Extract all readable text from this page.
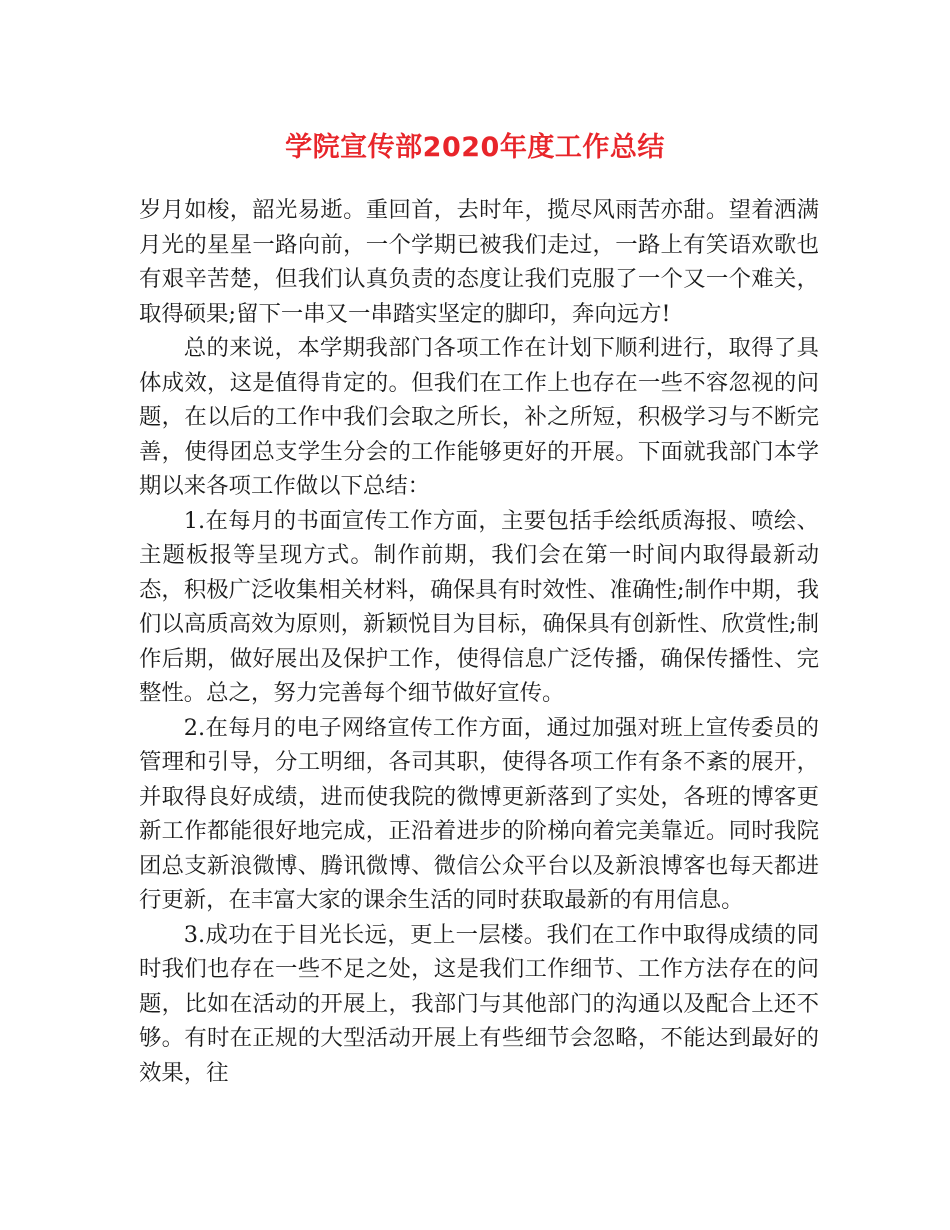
学院宣传部2020年度工作总结

岁月如梭，韶光易逝。重回首，去时年，揽尽风雨苦亦甜。望着洒满月光的星星一路向前，一个学期已被我们走过，一路上有笑语欢歌也有艰辛苦楚，但我们认真负责的态度让我们克服了一个又一个难关，取得硕果;留下一串又一串踏实坚定的脚印，奔向远方!

总的来说，本学期我部门各项工作在计划下顺利进行，取得了具体成效，这是值得肯定的。但我们在工作上也存在一些不容忽视的问题，在以后的工作中我们会取之所长，补之所短，积极学习与不断完善，使得团总支学生分会的工作能够更好的开展。下面就我部门本学期以来各项工作做以下总结：

1.在每月的书面宣传工作方面，主要包括手绘纸质海报、喷绘、主题板报等呈现方式。制作前期，我们会在第一时间内取得最新动态，积极广泛收集相关材料，确保具有时效性、准确性;制作中期，我们以高质高效为原则，新颖悦目为目标，确保具有创新性、欣赏性;制作后期，做好展出及保护工作，使得信息广泛传播，确保传播性、完整性。总之，努力完善每个细节做好宣传。

2.在每月的电子网络宣传工作方面，通过加强对班上宣传委员的管理和引导，分工明细，各司其职，使得各项工作有条不紊的展开， 并取得良好成绩，进而使我院的微博更新落到了实处，各班的博客更新工作都能很好地完成，正沿着进步的阶梯向着完美靠近。同时我院团总支新浪微博、腾讯微博、微信公众平台以及新浪博客也每天都进行更新，在丰富大家的课余生活的同时获取最新的有用信息。

3.成功在于目光长远，更上一层楼。我们在工作中取得成绩的同时我们也存在一些不足之处，这是我们工作细节、工作方法存在的问题，比如在活动的开展上，我部门与其他部门的沟通以及配合上还不够。有时在正规的大型活动开展上有些细节会忽略，不能达到最好的效果，往
